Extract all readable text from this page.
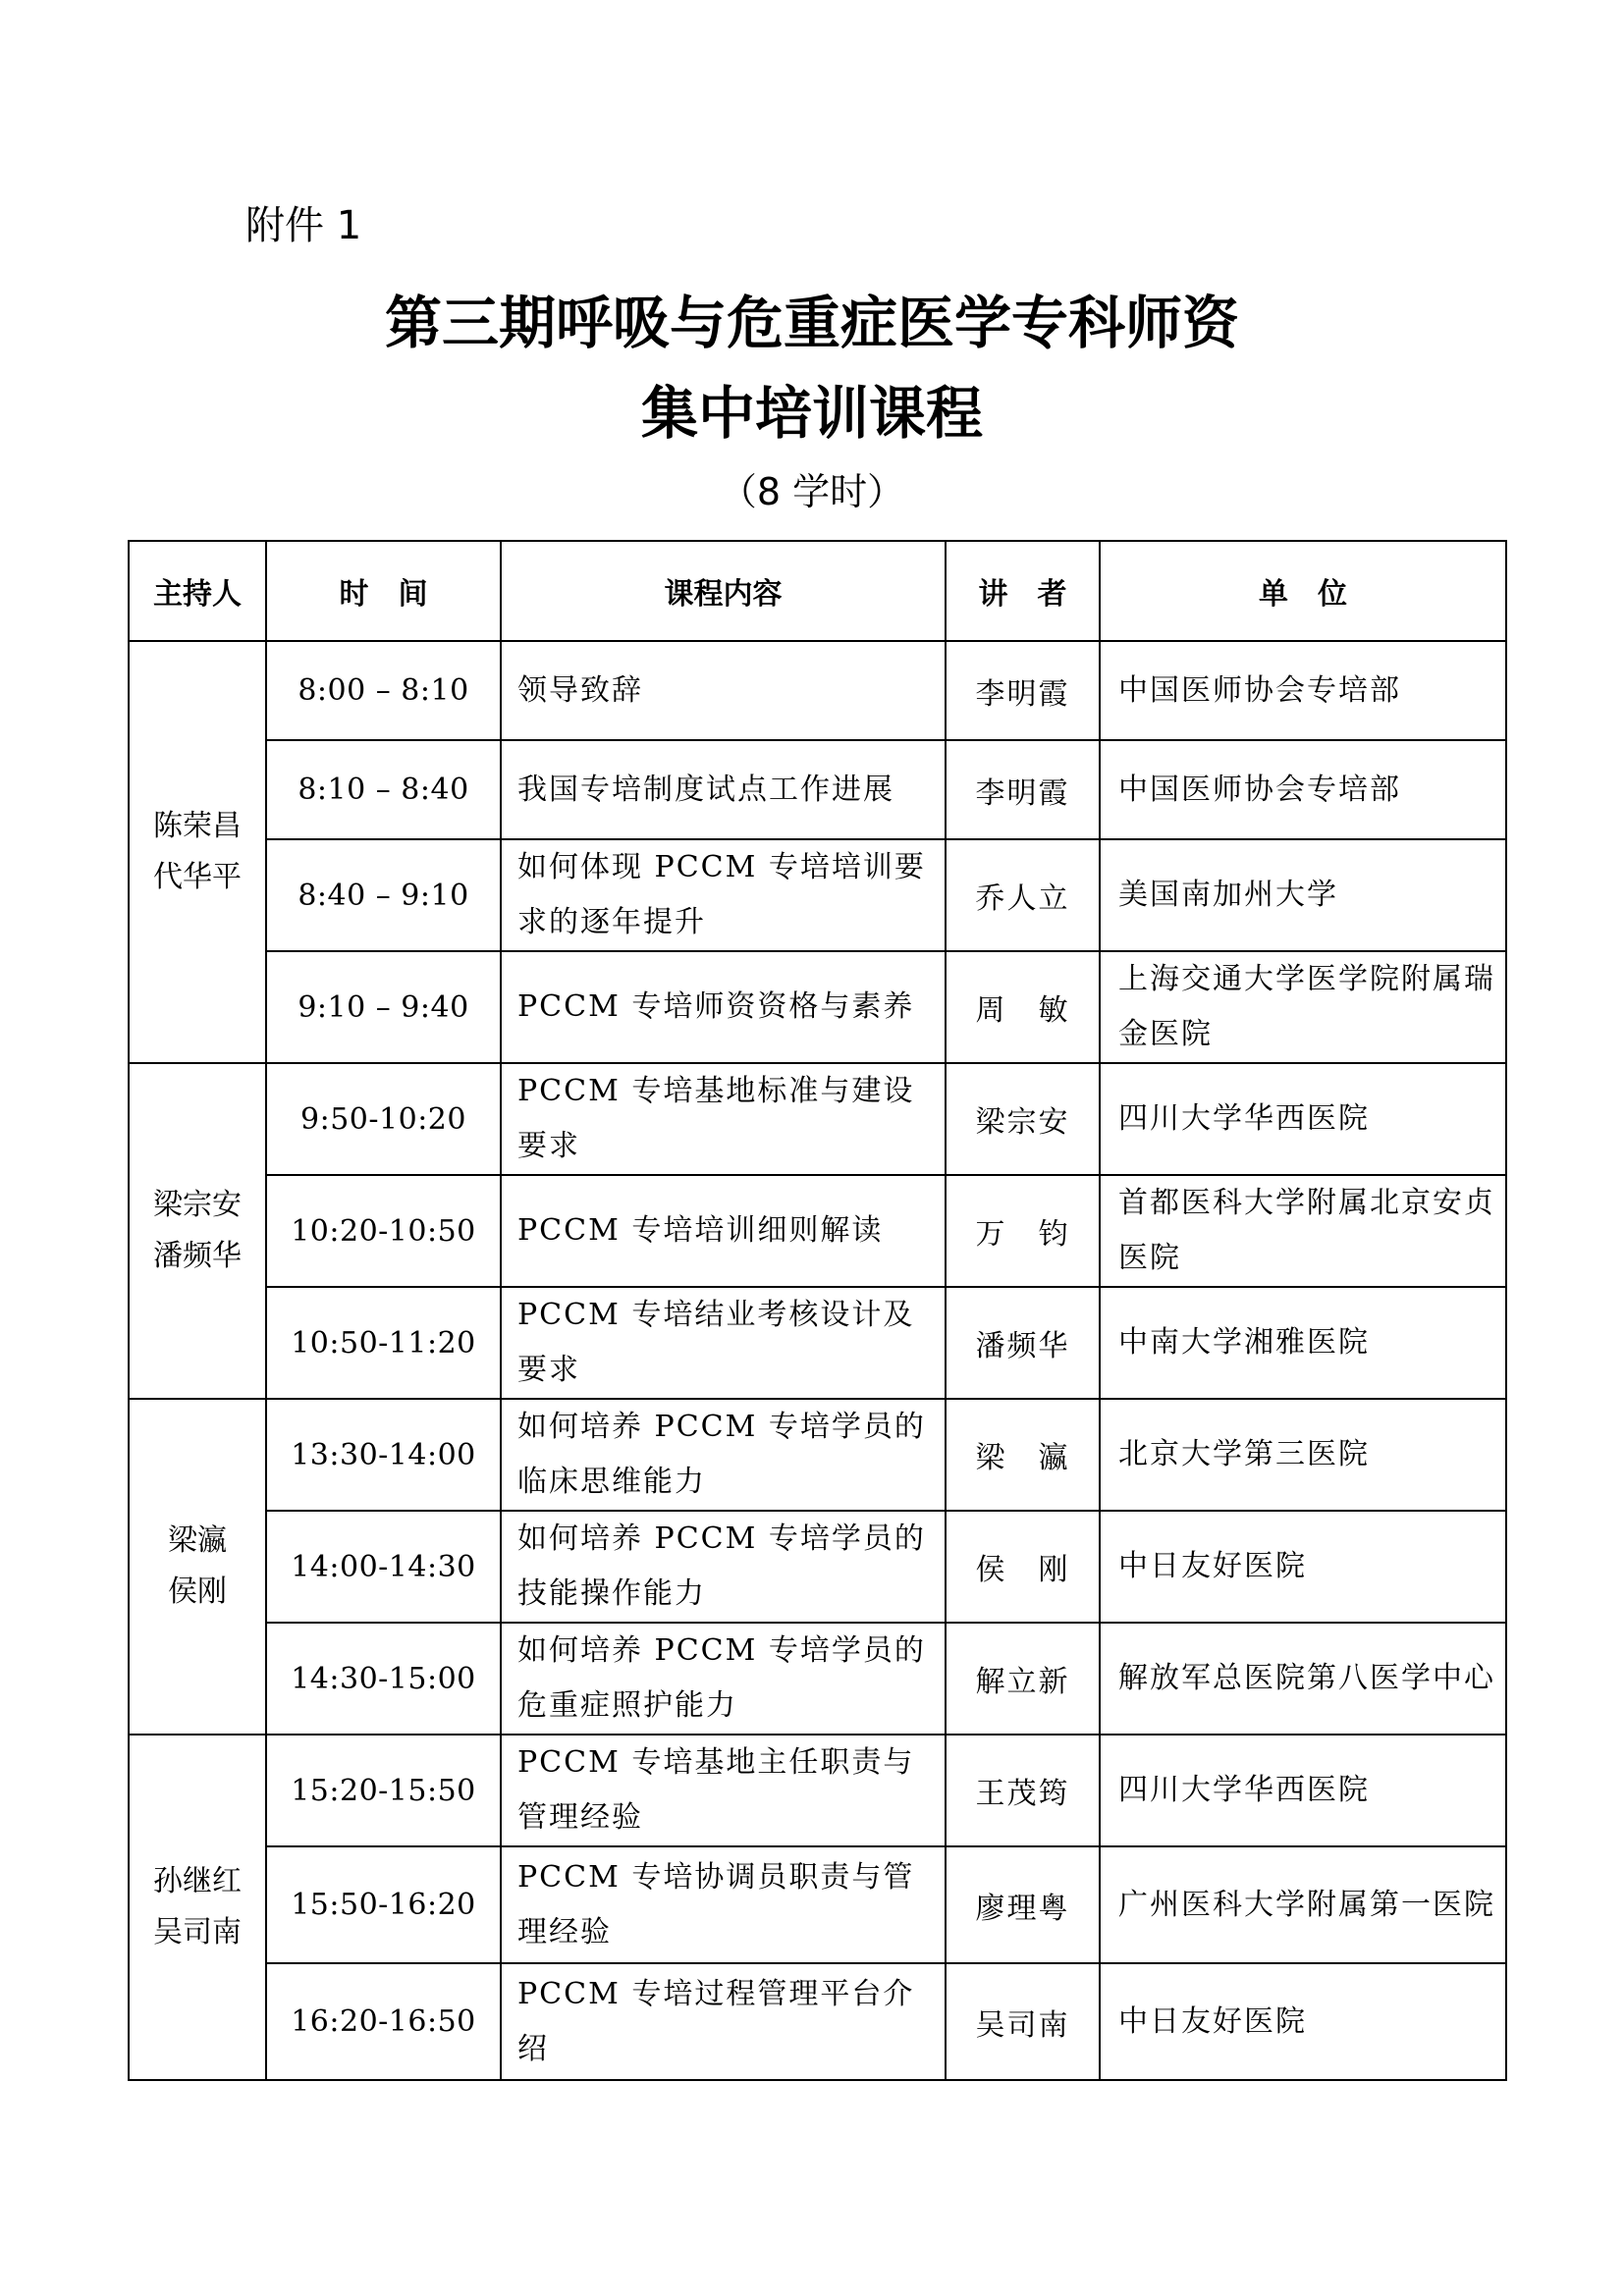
附件 1
第三期呼吸与危重症医学专科师资
集中培训课程
（8 学时）
主持人	时　间	课程内容	讲　者	单　位

陈荣昌
代华平	8:00 – 8:10	领导致辞	李明霞	中国医师协会专培部
	8:10 – 8:40	我国专培制度试点工作进展	李明霞	中国医师协会专培部
	8:40 – 9:10	如何体现 PCCM 专培培训要求的逐年提升	乔人立	美国南加州大学
	9:10 – 9:40	PCCM 专培师资资格与素养	周　敏	上海交通大学医学院附属瑞金医院

梁宗安
潘频华	9:50-10:20	PCCM 专培基地标准与建设要求	梁宗安	四川大学华西医院
	10:20-10:50	PCCM 专培培训细则解读	万　钧	首都医科大学附属北京安贞医院
	10:50-11:20	PCCM 专培结业考核设计及要求	潘频华	中南大学湘雅医院

梁瀛
侯刚	13:30-14:00	如何培养 PCCM 专培学员的临床思维能力	梁　瀛	北京大学第三医院
	14:00-14:30	如何培养 PCCM 专培学员的技能操作能力	侯　刚	中日友好医院
	14:30-15:00	如何培养 PCCM 专培学员的危重症照护能力	解立新	解放军总医院第八医学中心

孙继红
吴司南	15:20-15:50	PCCM 专培基地主任职责与管理经验	王茂筠	四川大学华西医院
	15:50-16:20	PCCM 专培协调员职责与管理经验	廖理粤	广州医科大学附属第一医院
	16:20-16:50	PCCM 专培过程管理平台介绍	吴司南	中日友好医院
